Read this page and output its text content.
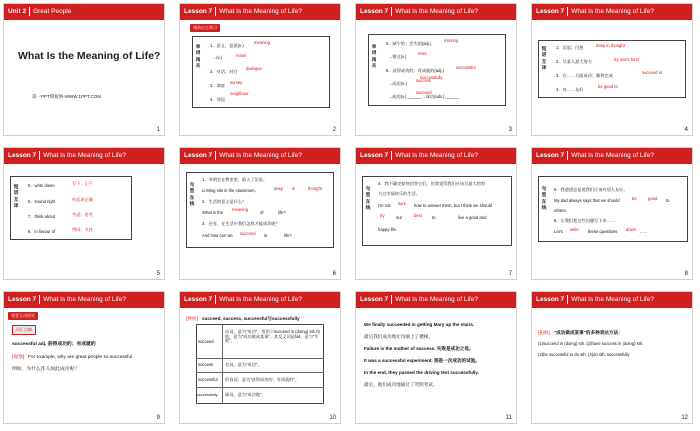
Unit 2 Great People
What Is the Meaning of Life?
第一PPT模板网-WWW.1PPT.COM
1
Lesson 7 What Is the Meaning of Life?
课前自主预习
单词闯关
1．意义；意思(n.)
meaning
→(v.)	mean
2．对话；对白
dialogue
3．调查
survey
neighbour
4．邻居
2
Lesson 7 What Is the Meaning of Life?
单词闯关
5．缺少的；丢失的(adj.)
missing
→错过(v.)
miss
6．获得成功的；有成就的(adj.)
successful
→成功(n.)
success
successfully
→成功(v.) ______→成功(adv.) ______
succeed
3
Lesson 7 What Is the Meaning of Life?
短语互译
1．沉思；闪想	deep in thought
2．尽某人最大努力	try one's best
3．在……方面成功；顺利完成
succeed in
4．对……友好
be good to
4
Lesson 7 What Is the Meaning of Life?
短语互译
5．write down	写下；记下
6．sound right	听起来正确
7．think about	考虑；思考
8．in favour of	赞同；支持
5
Lesson 7 What Is the Meaning of Life?
句型在线
1．李明坐在教室里，陷入了沉思。
Li Ming sits in the classroom,	deep in	thought
2．生活的意义是什么？
What is the
meaning
of	life?
3．还有，在生活中我们怎样才能成功呢？
And how can we succeed in	life?
6
Lesson 7 What Is the Meaning of Life?
句型在线
4．我不确定如何回答它们，但我觉得我们应该尽最大的努
力过幸福快乐的生活。
I'm not sure how to answer them, but I think we should
try	our	best to	live a good and
happy life.
7
Lesson 7 What Is the Meaning of Life?
句型在线
5．我爸爸总是说我们应该对别人友好。
My dad always says that we should	be	good to
others.
6．让我们把这些问题写下来……
Let's write these questions down ......
8
Lesson 7 What Is the Meaning of Life?
课堂互动探究
词汇点睛
successful adj. 获得成功的；有成就的
[观察] For example, why are great people so successful.
例如，为什么伟人如此成功呢？
9
Lesson 7 What Is the Meaning of Life?
[辨析] succeed, success, successful与successfully
succeed
动词，意为"成功"，常用于succeed in (doing) sth.结构，意为"成功做成某事"。其反义词是fail，意为"失败"。
success	名词，意为"成功"。
successful 形容词，意为"获得成功的；有成就的"。
successfully 副词，意为"成功地"。
10
Lesson 7 What Is the Meaning of Life?
We finally succeeded in getting Mary up the stairs.
最后我们成功地让玛丽上了楼梯。
Failure is the mother of success. 失败是成功之母。
It was a successful experiment. 那是一次成功的试验。
In the end, they passed the driving test successfully.
最后，他们成功地通过了驾照考试。
11
Lesson 7 What Is the Meaning of Life?
[拓展] "成功做成某事"的多种表达方法：
(1)succeed in (doing) sth. (2)have success in (doing) sth.
(3)be successful to do sth. (4)do sth. successfully
12
